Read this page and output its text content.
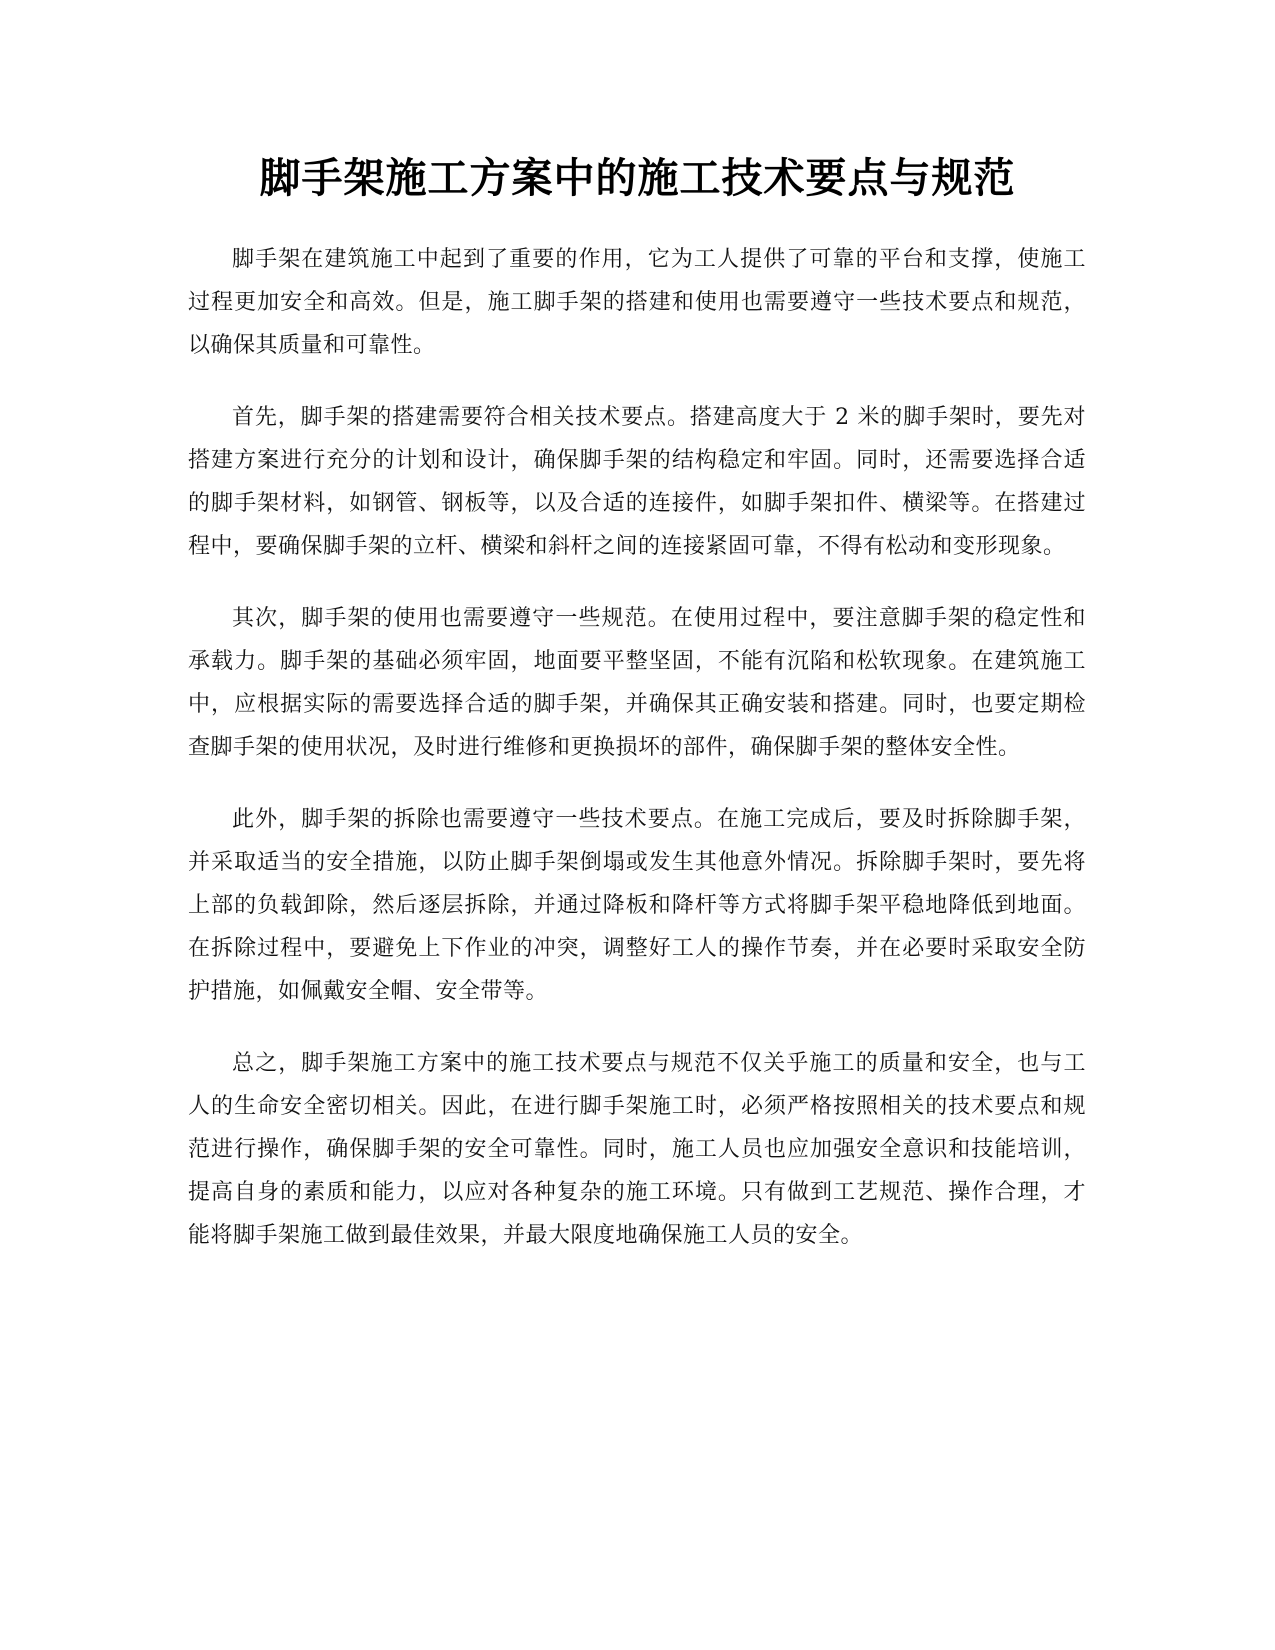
脚手架施工方案中的施工技术要点与规范

脚手架在建筑施工中起到了重要的作用，它为工人提供了可靠的平台和支撑，使施工过程更加安全和高效。但是，施工脚手架的搭建和使用也需要遵守一些技术要点和规范，以确保其质量和可靠性。

首先，脚手架的搭建需要符合相关技术要点。搭建高度大于 2 米的脚手架时，要先对搭建方案进行充分的计划和设计，确保脚手架的结构稳定和牢固。同时，还需要选择合适的脚手架材料，如钢管、钢板等，以及合适的连接件，如脚手架扣件、横梁等。在搭建过程中，要确保脚手架的立杆、横梁和斜杆之间的连接紧固可靠，不得有松动和变形现象。

其次，脚手架的使用也需要遵守一些规范。在使用过程中，要注意脚手架的稳定性和承载力。脚手架的基础必须牢固，地面要平整坚固，不能有沉陷和松软现象。在建筑施工中，应根据实际的需要选择合适的脚手架，并确保其正确安装和搭建。同时，也要定期检查脚手架的使用状况，及时进行维修和更换损坏的部件，确保脚手架的整体安全性。

此外，脚手架的拆除也需要遵守一些技术要点。在施工完成后，要及时拆除脚手架，并采取适当的安全措施，以防止脚手架倒塌或发生其他意外情况。拆除脚手架时，要先将上部的负载卸除，然后逐层拆除，并通过降板和降杆等方式将脚手架平稳地降低到地面。在拆除过程中，要避免上下作业的冲突，调整好工人的操作节奏，并在必要时采取安全防护措施，如佩戴安全帽、安全带等。

总之，脚手架施工方案中的施工技术要点与规范不仅关乎施工的质量和安全，也与工人的生命安全密切相关。因此，在进行脚手架施工时，必须严格按照相关的技术要点和规范进行操作，确保脚手架的安全可靠性。同时，施工人员也应加强安全意识和技能培训，提高自身的素质和能力，以应对各种复杂的施工环境。只有做到工艺规范、操作合理，才能将脚手架施工做到最佳效果，并最大限度地确保施工人员的安全。
